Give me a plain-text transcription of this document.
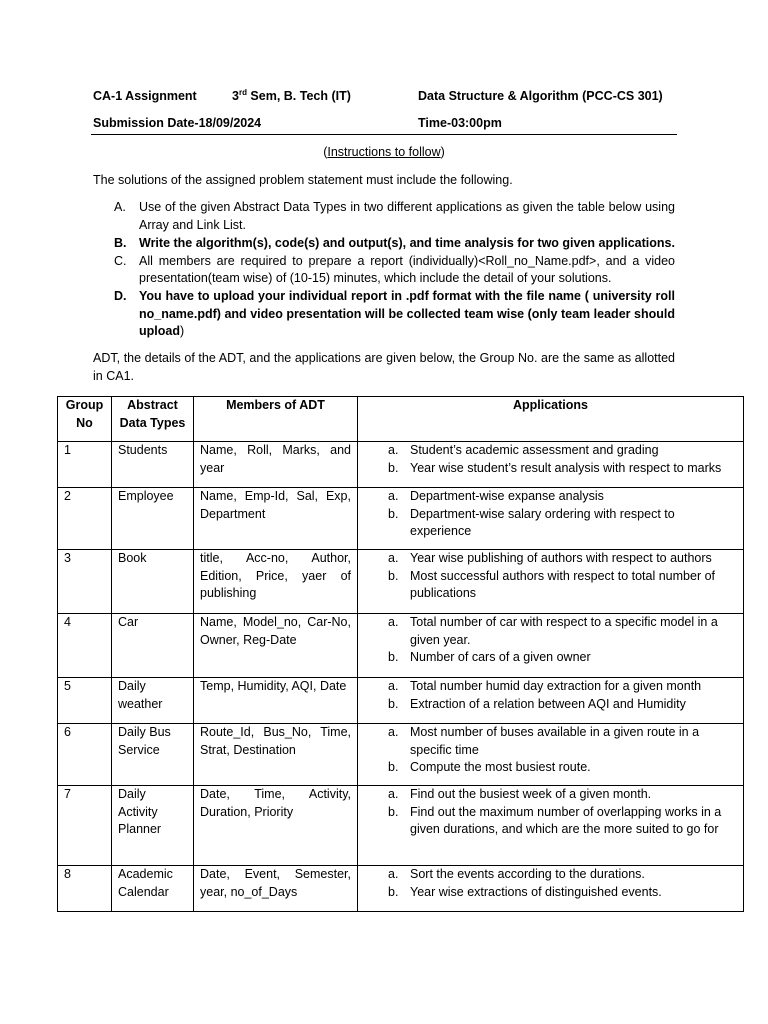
CA-1 Assignment	3rd Sem, B. Tech (IT)	Data Structure & Algorithm (PCC-CS 301)
Submission Date-18/09/2024	Time-03:00pm
(Instructions to follow)
The solutions of the assigned problem statement must include the following.
A. Use of the given Abstract Data Types in two different applications as given the table below using Array and Link List.
B. Write the algorithm(s), code(s) and output(s), and time analysis for two given applications.
C. All members are required to prepare a report (individually)<Roll_no_Name.pdf>, and a video presentation(team wise) of (10-15) minutes, which include the detail of your solutions.
D. You have to upload your individual report in .pdf format with the file name ( university roll no_name.pdf) and video presentation will be collected team wise (only team leader should upload)
ADT, the details of the ADT, and the applications are given below, the Group No. are the same as allotted in CA1.
Group No	Abstract Data Types	Members of ADT	Applications
1	Students	Name, Roll, Marks, and year	a. Student’s academic assessment and grading
b. Year wise student’s result analysis with respect to marks

2	Employee	Name, Emp-Id, Sal, Exp, Department	a. Department-wise expanse analysis
b. Department-wise salary ordering with respect to experience

3	Book	title, Acc-no, Author, Edition, Price, yaer of publishing	a. Year wise publishing of authors with respect to authors
b. Most successful authors with respect to total number of publications

4	Car	Name, Model_no, Car-No, Owner, Reg-Date	a. Total number of car with respect to a specific model in a given year.
b. Number of cars of a given owner

5	Daily weather	Temp, Humidity, AQI, Date	a. Total number humid day extraction for a given month
b. Extraction of a relation between AQI and Humidity

6	Daily Bus Service	Route_Id, Bus_No, Time, Strat, Destination	a. Most number of buses available in a given route in a specific time
b. Compute the most busiest route.

7	Daily Activity Planner	Date, Time, Activity, Duration, Priority	a. Find out the busiest week of a given month.
b. Find out the maximum number of overlapping works in a given durations, and which are the more suited to go for

8	Academic Calendar	Date, Event, Semester, year, no_of_Days	a. Sort the events according to the durations.
b. Year wise extractions of distinguished events.
